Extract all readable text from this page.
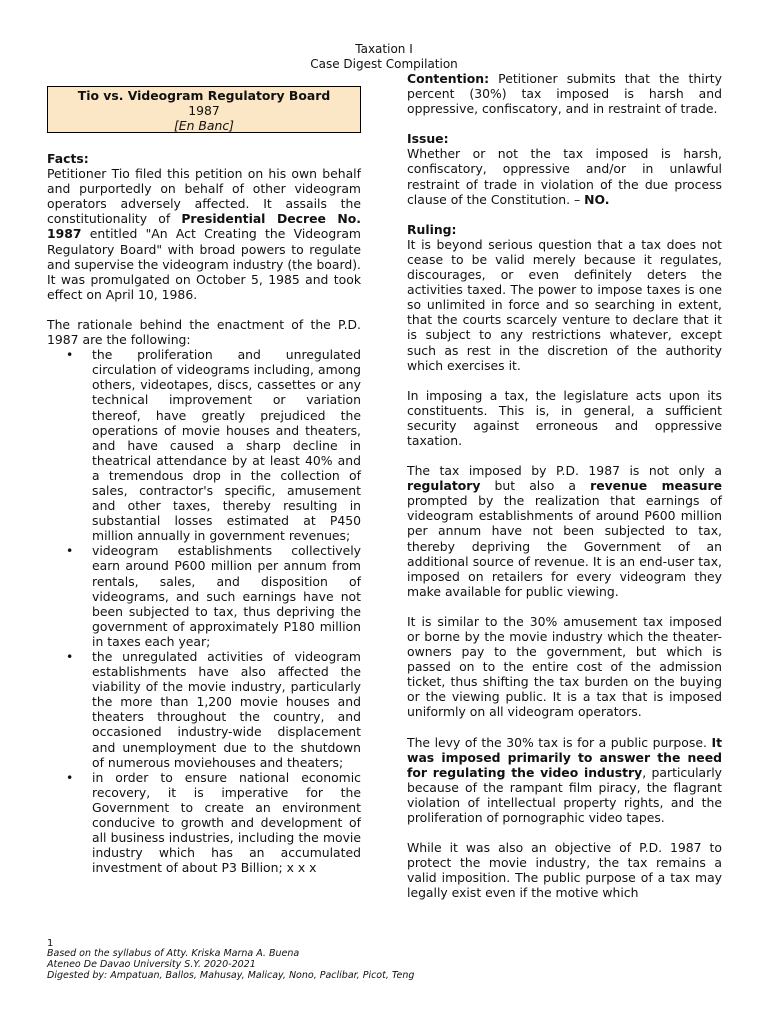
Taxation I
Case Digest Compilation
Tio vs. Videogram Regulatory Board
1987
[En Banc]
Facts:

Petitioner Tio filed this petition on his own behalf and purportedly on behalf of other videogram operators adversely affected. It assails the constitutionality of Presidential Decree No. 1987 entitled "An Act Creating the Videogram Regulatory Board" with broad powers to regulate and supervise the videogram industry (the board). It was promulgated on October 5, 1985 and took effect on April 10, 1986.

The rationale behind the enactment of the P.D. 1987 are the following:

• the proliferation and unregulated circulation of videograms including, among others, videotapes, discs, cassettes or any technical improvement or variation thereof, have greatly prejudiced the operations of movie houses and theaters, and have caused a sharp decline in theatrical attendance by at least 40% and a tremendous drop in the collection of sales, contractor's specific, amusement and other taxes, thereby resulting in substantial losses estimated at P450 million annually in government revenues;
• videogram establishments collectively earn around P600 million per annum from rentals, sales, and disposition of videograms, and such earnings have not been subjected to tax, thus depriving the government of approximately P180 million in taxes each year;
• the unregulated activities of videogram establishments have also affected the viability of the movie industry, particularly the more than 1,200 movie houses and theaters throughout the country, and occasioned industry-wide displacement and unemployment due to the shutdown of numerous moviehouses and theaters;
• in order to ensure national economic recovery, it is imperative for the Government to create an environment conducive to growth and development of all business industries, including the movie industry which has an accumulated investment of about P3 Billion; x x x

Contention: Petitioner submits that the thirty percent (30%) tax imposed is harsh and oppressive, confiscatory, and in restraint of trade.

Issue:

Whether or not the tax imposed is harsh, confiscatory, oppressive and/or in unlawful restraint of trade in violation of the due process clause of the Constitution. – NO.

Ruling:

It is beyond serious question that a tax does not cease to be valid merely because it regulates, discourages, or even definitely deters the activities taxed. The power to impose taxes is one so unlimited in force and so searching in extent, that the courts scarcely venture to declare that it is subject to any restrictions whatever, except such as rest in the discretion of the authority which exercises it.

In imposing a tax, the legislature acts upon its constituents. This is, in general, a sufficient security against erroneous and oppressive taxation.

The tax imposed by P.D. 1987 is not only a regulatory but also a revenue measure prompted by the realization that earnings of videogram establishments of around P600 million per annum have not been subjected to tax, thereby depriving the Government of an additional source of revenue. It is an end-user tax, imposed on retailers for every videogram they make available for public viewing.

It is similar to the 30% amusement tax imposed or borne by the movie industry which the theater-owners pay to the government, but which is passed on to the entire cost of the admission ticket, thus shifting the tax burden on the buying or the viewing public. It is a tax that is imposed uniformly on all videogram operators.

The levy of the 30% tax is for a public purpose. It was imposed primarily to answer the need for regulating the video industry, particularly because of the rampant film piracy, the flagrant violation of intellectual property rights, and the proliferation of pornographic video tapes.

While it was also an objective of P.D. 1987 to protect the movie industry, the tax remains a valid imposition. The public purpose of a tax may legally exist even if the motive which

1
Based on the syllabus of Atty. Kriska Marna A. Buena
Ateneo De Davao University S.Y. 2020-2021
Digested by: Ampatuan, Ballos, Mahusay, Malicay, Nono, Paclibar, Picot, Teng
